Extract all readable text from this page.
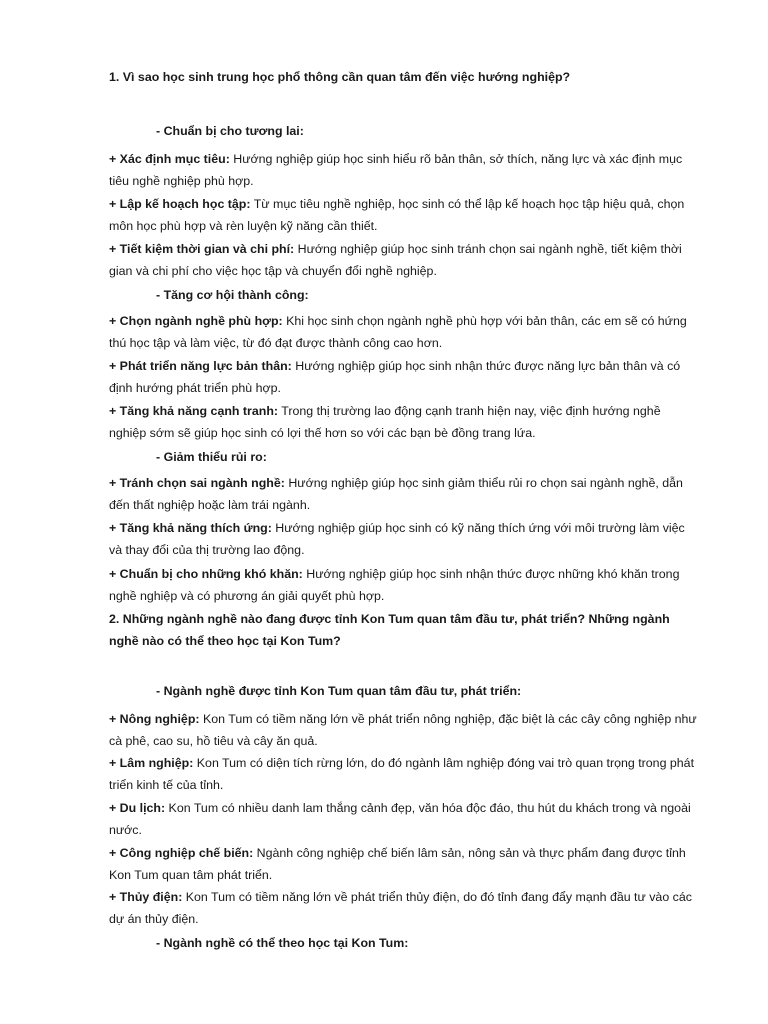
1. Vì sao học sinh trung học phổ thông cần quan tâm đến việc hướng nghiệp?

- Chuẩn bị cho tương lai:

+ Xác định mục tiêu: Hướng nghiệp giúp học sinh hiểu rõ bản thân, sở thích, năng lực và xác định mục tiêu nghề nghiệp phù hợp.

+ Lập kế hoạch học tập: Từ mục tiêu nghề nghiệp, học sinh có thể lập kế hoạch học tập hiệu quả, chọn môn học phù hợp và rèn luyện kỹ năng cần thiết.

+ Tiết kiệm thời gian và chi phí: Hướng nghiệp giúp học sinh tránh chọn sai ngành nghề, tiết kiệm thời gian và chi phí cho việc học tập và chuyển đổi nghề nghiệp.

- Tăng cơ hội thành công:

+ Chọn ngành nghề phù hợp: Khi học sinh chọn ngành nghề phù hợp với bản thân, các em sẽ có hứng thú học tập và làm việc, từ đó đạt được thành công cao hơn.

+ Phát triển năng lực bản thân: Hướng nghiệp giúp học sinh nhận thức được năng lực bản thân và có định hướng phát triển phù hợp.

+ Tăng khả năng cạnh tranh: Trong thị trường lao động cạnh tranh hiện nay, việc định hướng nghề nghiệp sớm sẽ giúp học sinh có lợi thế hơn so với các bạn bè đồng trang lứa.

- Giảm thiểu rủi ro:

+ Tránh chọn sai ngành nghề: Hướng nghiệp giúp học sinh giảm thiểu rủi ro chọn sai ngành nghề, dẫn đến thất nghiệp hoặc làm trái ngành.

+ Tăng khả năng thích ứng: Hướng nghiệp giúp học sinh có kỹ năng thích ứng với môi trường làm việc và thay đổi của thị trường lao động.

+ Chuẩn bị cho những khó khăn: Hướng nghiệp giúp học sinh nhận thức được những khó khăn trong nghề nghiệp và có phương án giải quyết phù hợp.

2. Những ngành nghề nào đang được tỉnh Kon Tum quan tâm đầu tư, phát triển? Những ngành nghề nào có thể theo học tại Kon Tum?

- Ngành nghề được tỉnh Kon Tum quan tâm đầu tư, phát triển:

+ Nông nghiệp: Kon Tum có tiềm năng lớn về phát triển nông nghiệp, đặc biệt là các cây công nghiệp như cà phê, cao su, hồ tiêu và cây ăn quả.

+ Lâm nghiệp: Kon Tum có diện tích rừng lớn, do đó ngành lâm nghiệp đóng vai trò quan trọng trong phát triển kinh tế của tỉnh.

+ Du lịch: Kon Tum có nhiều danh lam thắng cảnh đẹp, văn hóa độc đáo, thu hút du khách trong và ngoài nước.

+ Công nghiệp chế biến: Ngành công nghiệp chế biến lâm sản, nông sản và thực phẩm đang được tỉnh Kon Tum quan tâm phát triển.

+ Thủy điện: Kon Tum có tiềm năng lớn về phát triển thủy điện, do đó tỉnh đang đẩy mạnh đầu tư vào các dự án thủy điện.

- Ngành nghề có thể theo học tại Kon Tum:
